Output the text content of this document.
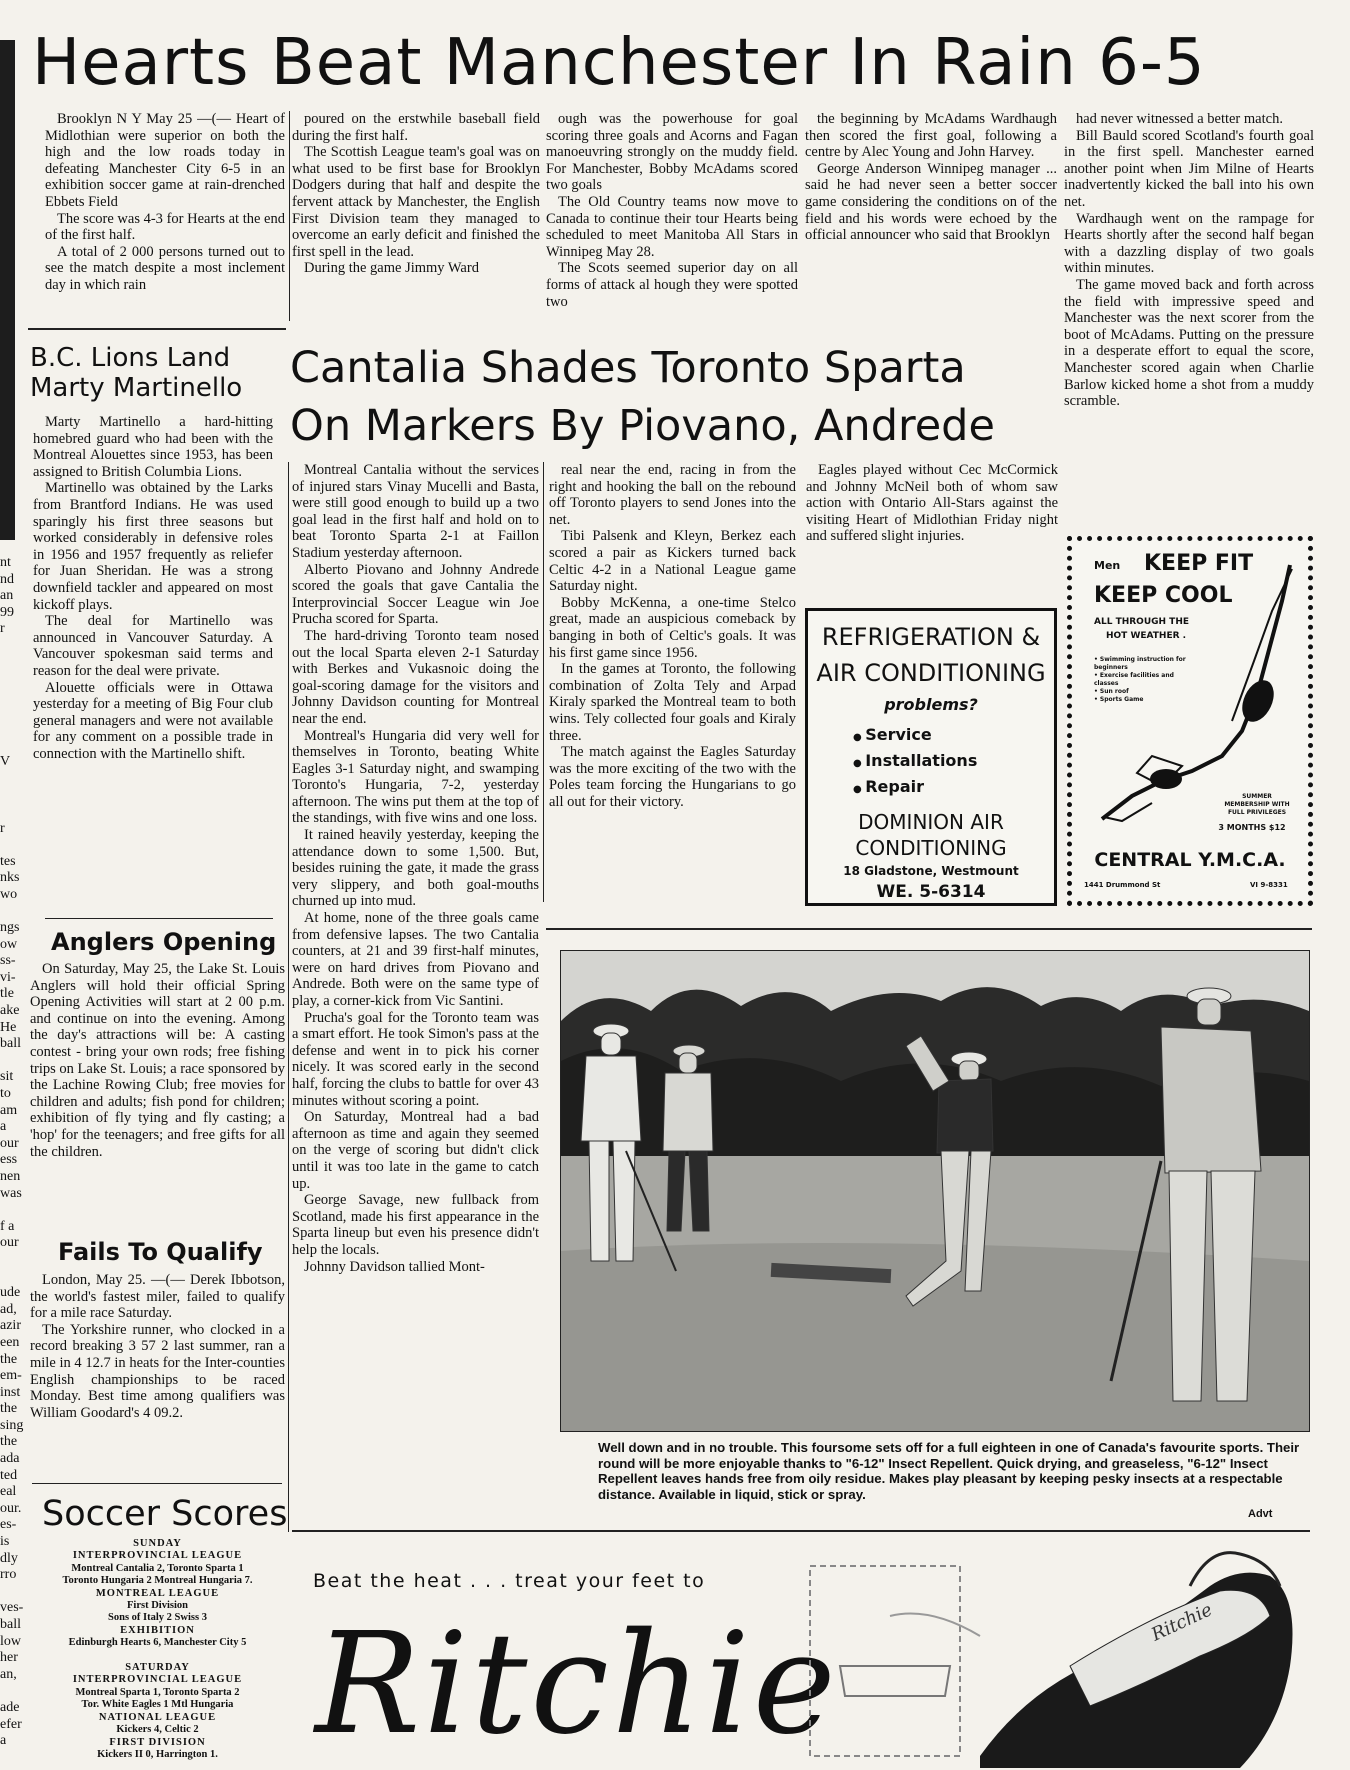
nt
nd
an
99
r

V

r

tes
nks
wo

ngs
ow
ss-
vi-
tle
ake
He
ball

sit
to
am
a
our
ess
nen
was

f a
our

ude
ad,
azir
een
the
em-
inst
the
sing
the
ada
ted
eal
our.
es-
is
dly
rro

ves-
ball
low
her
an,

ade
efer
a
Hearts Beat Manchester In Rain 6-5

Brooklyn N Y May 25 —(— Heart of Midlothian were superior on both the high and the low roads today in defeating Manchester City 6-5 in an exhibition soccer game at rain-drenched Ebbets Field

The score was 4-3 for Hearts at the end of the first half.

A total of 2 000 persons turned out to see the match despite a most inclement day in which rain

poured on the erstwhile baseball field during the first half.

The Scottish League team's goal was on what used to be first base for Brooklyn Dodgers during that half and despite the fervent attack by Manchester, the English First Division team they managed to overcome an early deficit and finished the first spell in the lead.

During the game Jimmy Ward

ough was the powerhouse for goal scoring three goals and Acorns and Fagan manoeuvring strongly on the muddy field. For Manchester, Bobby McAdams scored two goals

The Old Country teams now move to Canada to continue their tour Hearts being scheduled to meet Manitoba All Stars in Winnipeg May 28.

The Scots seemed superior day on all forms of attack al hough they were spotted two

the beginning by McAdams Wardhaugh then scored the first goal, following a centre by Alec Young and John Harvey.

George Anderson Winnipeg manager ... said he had never seen a better soccer game considering the conditions on of the field and his words were echoed by the official announcer who said that Brooklyn

had never witnessed a better match.

Bill Bauld scored Scotland's fourth goal in the first spell. Manchester earned another point when Jim Milne of Hearts inadvertently kicked the ball into his own net.

Wardhaugh went on the rampage for Hearts shortly after the second half began with a dazzling display of two goals within minutes.

The game moved back and forth across the field with impressive speed and Manchester was the next scorer from the boot of McAdams. Putting on the pressure in a desperate effort to equal the score, Manchester scored again when Charlie Barlow kicked home a shot from a muddy scramble.

B.C. Lions Land Marty Martinello

Marty Martinello a hard-hitting homebred guard who had been with the Montreal Alouettes since 1953, has been assigned to British Columbia Lions.

Martinello was obtained by the Larks from Brantford Indians. He was used sparingly his first three seasons but worked considerably in defensive roles in 1956 and 1957 frequently as reliefer for Juan Sheridan. He was a strong downfield tackler and appeared on most kickoff plays.

The deal for Martinello was announced in Vancouver Saturday. A Vancouver spokesman said terms and reason for the deal were private.

Alouette officials were in Ottawa yesterday for a meeting of Big Four club general managers and were not available for any comment on a possible trade in connection with the Martinello shift.

Anglers Opening

On Saturday, May 25, the Lake St. Louis Anglers will hold their official Spring Opening Activities will start at 2 00 p.m. and continue on into the evening. Among the day's attractions will be: A casting contest - bring your own rods; free fishing trips on Lake St. Louis; a race sponsored by the Lachine Rowing Club; free movies for children and adults; fish pond for children; exhibition of fly tying and fly casting; a 'hop' for the teenagers; and free gifts for all the children.

Fails To Qualify

London, May 25. —(— Derek Ibbotson, the world's fastest miler, failed to qualify for a mile race Saturday.

The Yorkshire runner, who clocked in a record breaking 3 57 2 last summer, ran a mile in 4 12.7 in heats for the Inter-counties English championships to be raced Monday. Best time among qualifiers was William Goodard's 4 09.2.

Soccer Scores
SUNDAY
INTERPROVINCIAL LEAGUE
Montreal Cantalia 2, Toronto Sparta 1
Toronto Hungaria 2 Montreal Hungaria 7.
MONTREAL LEAGUE
First Division
Sons of Italy 2 Swiss 3
EXHIBITION
Edinburgh Hearts 6, Manchester City 5

SATURDAY
INTERPROVINCIAL LEAGUE
Montreal Sparta 1, Toronto Sparta 2
Tor. White Eagles 1 Mtl Hungaria
NATIONAL LEAGUE
Kickers 4, Celtic 2
FIRST DIVISION
Kickers II 0, Harrington 1.
Cantalia Shades Toronto Sparta
On Markers By Piovano, Andrede

Montreal Cantalia without the services of injured stars Vinay Mucelli and Basta, were still good enough to build up a two goal lead in the first half and hold on to beat Toronto Sparta 2-1 at Faillon Stadium yesterday afternoon.

Alberto Piovano and Johnny Andrede scored the goals that gave Cantalia the Interprovincial Soccer League win Joe Prucha scored for Sparta.

The hard-driving Toronto team nosed out the local Sparta eleven 2-1 Saturday with Berkes and Vukasnoic doing the goal-scoring damage for the visitors and Johnny Davidson counting for Montreal near the end.

Montreal's Hungaria did very well for themselves in Toronto, beating White Eagles 3-1 Saturday night, and swamping Toronto's Hungaria, 7-2, yesterday afternoon. The wins put them at the top of the standings, with five wins and one loss.

It rained heavily yesterday, keeping the attendance down to some 1,500. But, besides ruining the gate, it made the grass very slippery, and both goal-mouths churned up into mud.

At home, none of the three goals came from defensive lapses. The two Cantalia counters, at 21 and 39 first-half minutes, were on hard drives from Piovano and Andrede. Both were on the same type of play, a corner-kick from Vic Santini.

Prucha's goal for the Toronto team was a smart effort. He took Simon's pass at the defense and went in to pick his corner nicely. It was scored early in the second half, forcing the clubs to battle for over 43 minutes without scoring a point.

On Saturday, Montreal had a bad afternoon as time and again they seemed on the verge of scoring but didn't click until it was too late in the game to catch up.

George Savage, new fullback from Scotland, made his first appearance in the Sparta lineup but even his presence didn't help the locals.

Johnny Davidson tallied Mont-

real near the end, racing in from the right and hooking the ball on the rebound off Toronto players to send Jones into the net.

Tibi Palsenk and Kleyn, Berkez each scored a pair as Kickers turned back Celtic 4-2 in a National League game Saturday night.

Bobby McKenna, a one-time Stelco great, made an auspicious comeback by banging in both of Celtic's goals. It was his first game since 1956.

In the games at Toronto, the following combination of Zolta Tely and Arpad Kiraly sparked the Montreal team to both wins. Tely collected four goals and Kiraly three.

The match against the Eagles Saturday was the more exciting of the two with the Poles team forcing the Hungarians to go all out for their victory.

Eagles played without Cec McCormick and Johnny McNeil both of whom saw action with Ontario All-Stars against the visiting Heart of Midlothian Friday night and suffered slight injuries.

REFRIGERATION &
AIR CONDITIONING
problems?
● Service
● Installations
● Repair
DOMINION AIR
CONDITIONING
18 Gladstone, Westmount
WE. 5-6314
Men KEEP FIT
KEEP COOL
ALL THROUGH THE
HOT WEATHER .
• Swimming instruction for beginners
• Exercise facilities and classes
• Sun roof
• Sports Game
SUMMER MEMBERSHIP WITH FULL PRIVILEGES
3 MONTHS $12
CENTRAL Y.M.C.A.
1441 Drummond St	VI 9-8331
Well down and in no trouble. This foursome sets off for a full eighteen in one of Canada's favourite sports. Their round will be more enjoyable thanks to "6-12" Insect Repellent. Quick drying, and greaseless, "6-12" Insect Repellent leaves hands free from oily residue. Makes play pleasant by keeping pesky insects at a respectable distance. Available in liquid, stick or spray.
Advt
Beat the heat . . . treat your feet to
Ritchie	Ritchie
